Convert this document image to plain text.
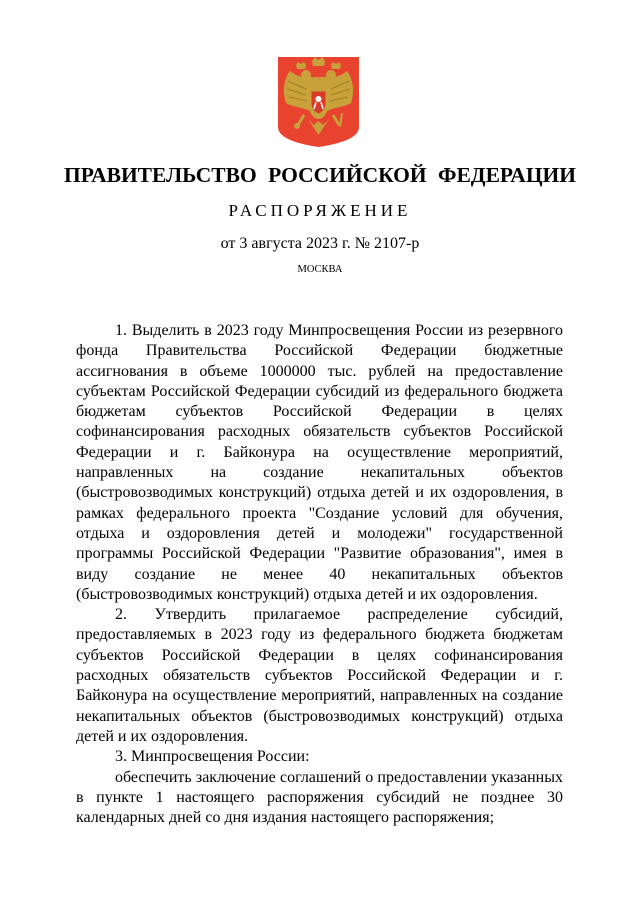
ПРАВИТЕЛЬСТВО РОССИЙСКОЙ ФЕДЕРАЦИИ
РАСПОРЯЖЕНИЕ
от 3 августа 2023 г. № 2107-р
МОСКВА

1. Выделить в 2023 году Минпросвещения России из резервного фонда Правительства Российской Федерации бюджетные ассигнования в объеме 1000000 тыс. рублей на предоставление субъектам Российской Федерации субсидий из федерального бюджета бюджетам субъектов Российской Федерации в целях софинансирования расходных обязательств субъектов Российской Федерации и г. Байконура на осуществление мероприятий, направленных на создание некапитальных объектов (быстровозводимых конструкций) отдыха детей и их оздоровления, в рамках федерального проекта "Создание условий для обучения, отдыха и оздоровления детей и молодежи" государственной программы Российской Федерации "Развитие образования", имея в виду создание не менее 40 некапитальных объектов (быстровозводимых конструкций) отдыха детей и их оздоровления.

2. Утвердить прилагаемое распределение субсидий, предоставляемых в 2023 году из федерального бюджета бюджетам субъектов Российской Федерации в целях софинансирования расходных обязательств субъектов Российской Федерации и г. Байконура на осуществление мероприятий, направленных на создание некапитальных объектов (быстровозводимых конструкций) отдыха детей и их оздоровления.

3. Минпросвещения России:

обеспечить заключение соглашений о предоставлении указанных в пункте 1 настоящего распоряжения субсидий не позднее 30 календарных дней со дня издания настоящего распоряжения;
